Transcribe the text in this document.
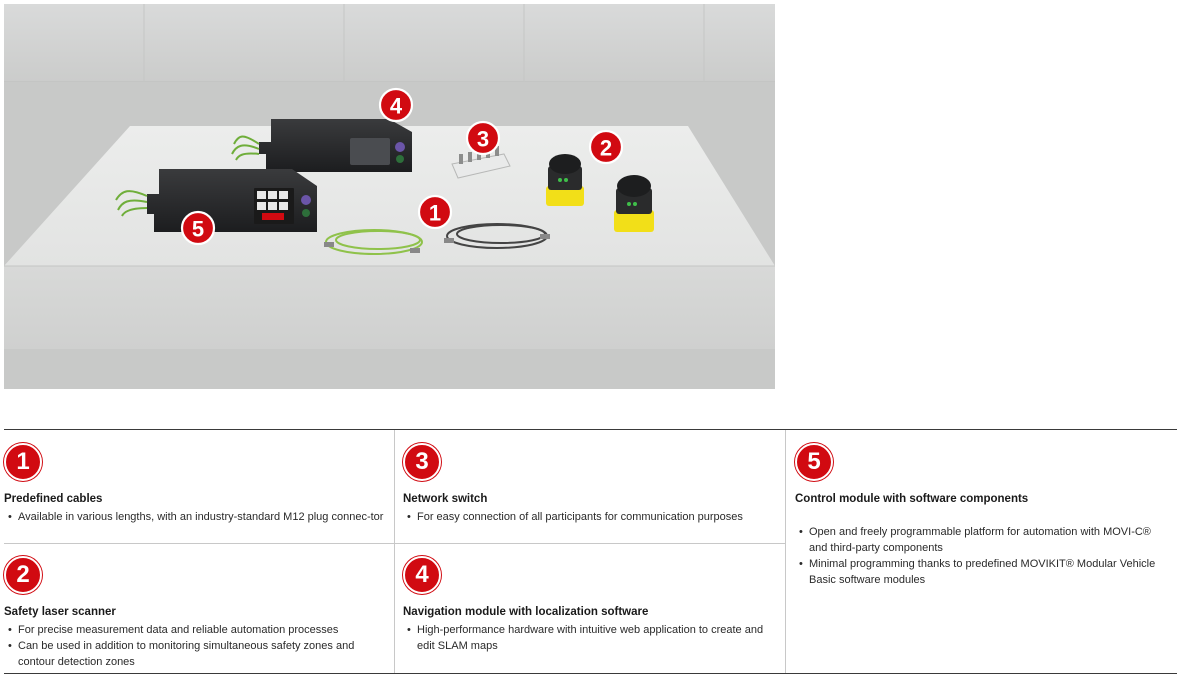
1
2
3
4
5
1
Predefined cables
• Available in various lengths, with an industry-standard M12 plug connec-tor
2
Safety laser scanner
• For precise measurement data and reliable automation processes
• Can be used in addition to monitoring simultaneous safety zones and contour detection zones
3
Network switch
• For easy connection of all participants for communication purposes
4
Navigation module with localization software
• High-performance hardware with intuitive web application to create and edit SLAM maps
5
Control module with software components
• Open and freely programmable platform for automation with MOVI-C® and third-party components
• Minimal programming thanks to predefined MOVIKIT® Modular Vehicle Basic software modules
